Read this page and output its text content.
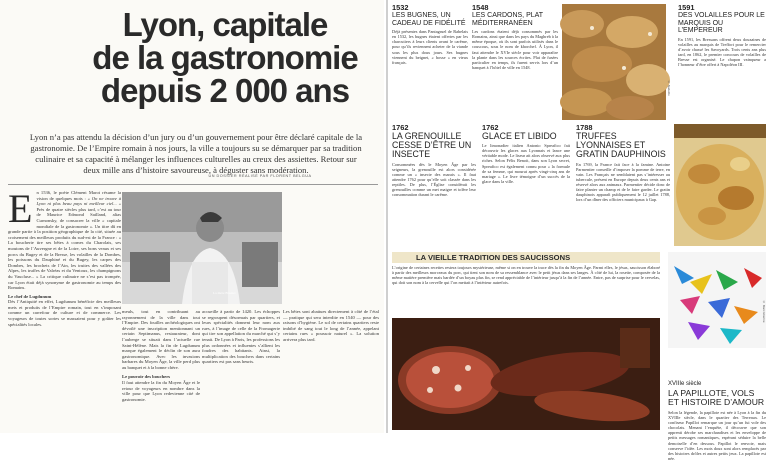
Lyon, capitale
de la gastronomie
depuis 2 000 ans

Lyon n’a pas attendu la décision d’un jury ou d’un gouvernement pour être déclaré capitale de la gastronomie. De l’Empire romain à nos jours, la ville a toujours su se démarquer par sa tradition culinaire et sa capacité à mélanger les influences culturelles au creux des assiettes. Retour sur deux mille ans d’histoire savoureuse, à déguster sans modération.

UN DOSSIER RÉALISÉ PAR FLORENT BELGUA
E n 1536, le poète Clément Marot résume la vision de quelques mots : « On ne trouve à Lyon ni plus beau pays ni meilleur ciel... » Près de quatre siècles plus tard, c’est au tour de Maurice Edmond Sailland, alias Curnonsky, de consacrer la ville « capitale mondiale de la gastronomie ». Un titre dû en grande partie à la position géographique de la cité, située au croisement des meilleurs produits du sud-est de la France : « La boucherie tire ses bêtes à cornes du Charolais, ses moutons de l’Auvergne et de la Loire, ses bons veaux et ses porcs du Bugey et de la Bresse, les volailles de la Dombes, les poissons du Dauphiné et du Bugey, les carpes des Dombes, les brochets de l’Ain, les truites des vallées des Alpes, les truffes de Valréas et du Ventoux, les champignons du Vaucluse... » La critique culinaire ne s’est pas trompée, car Lyon était déjà synonyme de gastronomie au temps des Romains.
Le chef de Lugdunum
Dès l’Antiquité en effet, Lugdunum bénéficie des meilleurs mets et produits de l’Empire romain, tout en s’imposant comme un carrefour de culture et de commerce. Les voyageurs de toutes sortes se massaient pour y goûter les spécialités locales.
La mère Brazier
meuls, tout en contribuant au rayonnement de la ville dans tout l’Empire. Des fouilles archéologiques ont dévoilé une inscription mentionnant un certain Septimanus, restaurateur, dont l’auberge se situait dans l’actuelle rue Saint-Hélène. Mais la fin de Lugdunum marque également le déclin de son aura gastronomique. Avec les invasions barbares du Moyen Âge, la ville perd plus au banquet et à la bonne chère.
Le pouvoir des bouchers
Il faut attendre la fin du Moyen Âge et le retour de voyageurs en nombre dans la ville pour que Lyon redevienne cité de gastronomie.
accueille à partir de 1420. Les échoppes se regroupent désormais par quartiers, et leurs spécialités donnent leur nom aux rues, à l’image de celle de la Fromagerie qui tire son appellation du marché qui s’y tenait. De Lyon à Paris, les professions les plus ordonnées et influentes s’allient les foudres des habitants. Ainsi, la multiplication des bouchers dans certains quartiers est pas sans heurts.
Les bêtes sont abattues directement à côté de l’étal — pratique qui sera interdite en 1540 — pour des raisons d’hygiène. Le sol de certains quartiers reste imbibé de sang tout le long de l’année, appelant certains rues « poussoir naturel ». La solution arrivera plus tard.
1532
LES BUGNES, UN CADEAU DE FIDÉLITÉ
Déjà présentes dans Pantagruel de Rabelais en 1532, les bugnes étaient offertes par les charcutiers à leurs clients avant le carême, pour qu’ils reviennent acheter de la viande sous les plus doux jours. Ses bugnes viennent du beignet, « bosse » en vieux français.
1548
LES CARDONS, PLAT MÉDITERRANÉEN
Les cardons étaient déjà consommés par les Romains, ainsi que dans les pays du Maghreb à la même époque, où ils sont parfois utilisés dans le couscous, sous le nom de khorchef. À Lyon, il faut attendre le XVIe siècle pour voir apparaître la plante dans les sources écrites. Plat de fusées particulier en temps, ils furent servis lors d’un banquet à l’hôtel de ville en 1548.
© Nabeillo
1591
DES VOLAILLES POUR LE MARQUIS OU L’EMPEREUR
En 1591, les Bressans offrent deux douzaines de volailles au marquis de Treffort pour le remercier d’avoir chassé les Savoyards. Trois cents ans plus tard, en 1862, le premier concours de volailles de Bresse est organisé. Le chapon vainqueur a l’honneur d’être offert à Napoléon III.
1762
LA GRENOUILLE CESSE D’ÊTRE UN INSECTE
Consommées dès le Moyen Âge par les seigneurs, la grenouille est alors considérée comme un « insecte des marais ». Il faut attendre 1762 pour qu’elle soit classée dans les reptiles. De plus, l’Église considérait les grenouilles comme un met maigre et tolère leur consommation durant le carême.
1762
GLACE ET LIBIDO
Le limonadier italien Antonio Spreafico fait découvrir les glaces aux Lyonnais et lance une véritable mode. Le liseur ait alors observé aux plus riches. Selon Félix Benoit, dans son Lyon secret, Spreafico est également connu pour « la formule de sa femme, qui mourut après vingt-cinq ans de mariage ». Le livre témoigne d’un succès de la glace dans la ville.
1788
TRUFFES LYONNAISES ET GRATIN DAUPHINOIS
En 1769, la France fait face à la famine. Antoine Parmentier conseille d’imposer la pomme de terre, en vain. Les Français ne semblaient pas s’intéresser au tubercule, présent en Europe depuis deux cents ans et réservé alors aux animaux. Parmentier décide donc de faire planter un champ et de le faire garder. Le gratin dauphinois apparaît publiquement le 12 juillet 1788, lors d’un dîner des officiers municipaux à Gap.
LA VIEILLE TRADITION DES SAUCISSONS
L’origine de certaines recettes restera toujours mystérieuse, même si on en trouve la trace dès la fin du Moyen Âge. Parmi elles, le jésus, saucisson élaboré à partir des meilleurs morceaux du porc, qui tient son nom de sa ressemblance avec le petit jésus dans ses langes. À côté de lui, la rosette, composée de la même matière première mais bardée d’un boyau plus fin, se rend appréciable de l’intérieur jusqu’à la fin de l’année. Entre, pas de surprise pour le cervelas, qui doit son nom à la cervelle qui l’on mettait à l’intérieur autrefois.
© Marc Etienne
XVIIIe siècle
LA PAPILLOTE, VOLS ET HISTOIRE D’AMOUR
Selon la légende, la papillote est née à Lyon à la fin du XVIIIe siècle, dans le quartier des Terreaux. Le confiseur Papillot remarque un jour qu’un fui vole des chocolats. Menant l’enquête, il découvre que son apprenti dérobe ses marchandises et les enveloppe de petits messages romantiques, espérant séduire la belle demoiselle d’en dessous. Papillot le renvoie, mais conserve l’idée. Les mots doux sont alors remplacés par des histoires drôles et autres petits jeux. La papillote est née.
